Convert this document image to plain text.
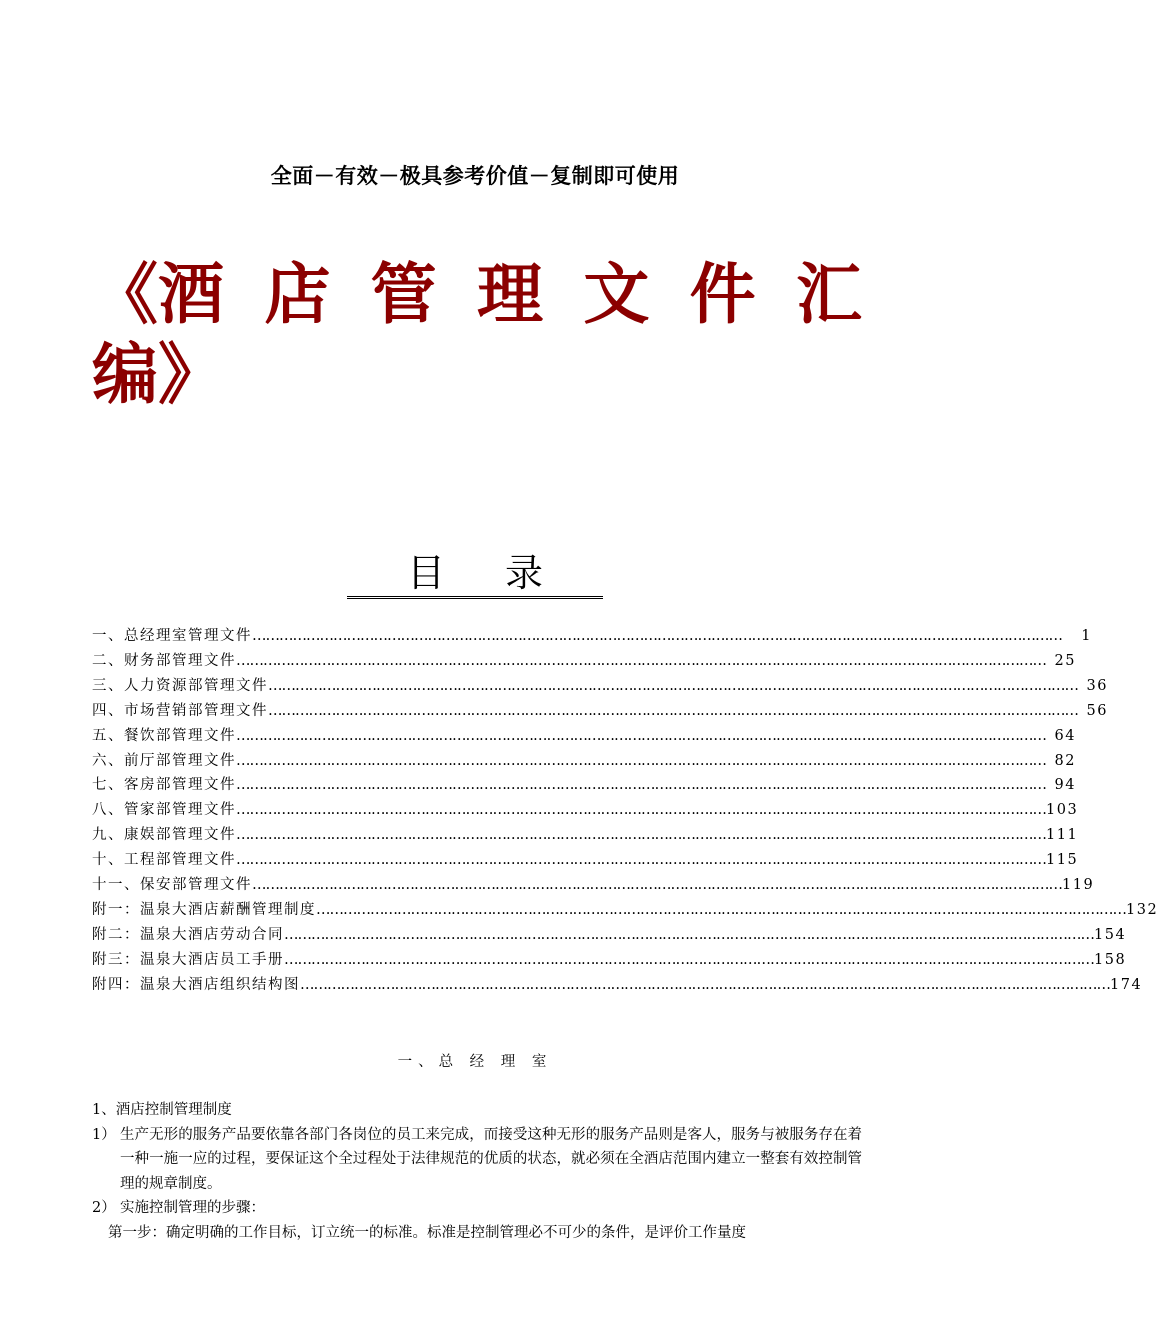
全面－有效－极具参考价值－复制即可使用
《酒 店 管 理 文 件 汇
编》
目录
一、 总经理室管理文件 ………………………………………………………………………………………………………………………………………………………………	1
二、 财务部管理文件 ……………………………………………………………………………………………………………………………………………………………… 25
三、 人力资源部管理文件 ……………………………………………………………………………………………………………………………………………………………… 36
四、 市场营销部管理文件 ……………………………………………………………………………………………………………………………………………………………… 56
五、 餐饮部管理文件 ……………………………………………………………………………………………………………………………………………………………… 64
六、 前厅部管理文件 ……………………………………………………………………………………………………………………………………………………………… 82
七、 客房部管理文件 ……………………………………………………………………………………………………………………………………………………………… 94
八、 管家部管理文件 ……………………………………………………………………………………………………………………………………………………………… 103
九、 康娱部管理文件 ……………………………………………………………………………………………………………………………………………………………… 111
十、 工程部管理文件 ……………………………………………………………………………………………………………………………………………………………… 115
十一、 保安部管理文件 ……………………………………………………………………………………………………………………………………………………………… 119
附一： 温泉大酒店薪酬管理制度 ……………………………………………………………………………………………………………………………………………………………… 132
附二： 温泉大酒店劳动合同 ……………………………………………………………………………………………………………………………………………………………… 154
附三： 温泉大酒店员工手册 ……………………………………………………………………………………………………………………………………………………………… 158
附四： 温泉大酒店组织结构图 ……………………………………………………………………………………………………………………………………………………………… 174
一、总 经 理 室

1、酒店控制管理制度

1） 生产无形的服务产品要依靠各部门各岗位的员工来完成，而接受这种无形的服务产品则是客人，服务与被服务存在着一种一施一应的过程，要保证这个全过程处于法律规范的优质的状态，就必须在全酒店范围内建立一整套有效控制管理的规章制度。
2） 实施控制管理的步骤：

第一步：确定明确的工作目标，订立统一的标准。标准是控制管理必不可少的条件，是评价工作量度
